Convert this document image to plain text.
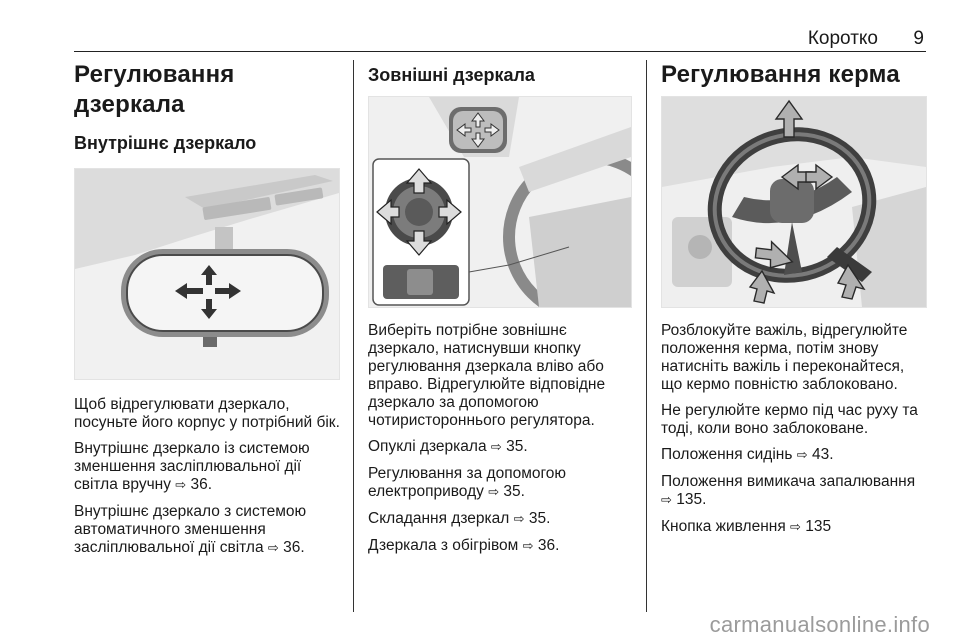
Коротко 9
Регулювання дзеркала
Внутрішнє дзеркало

Щоб відрегулювати дзеркало, посуньте його корпус у потрібний бік.

Внутрішнє дзеркало із системою зменшення засліплювальної дії світла вручну ⇨ 36.

Внутрішнє дзеркало з системою автоматичного зменшення засліплювальної дії світла ⇨ 36.

Зовнішні дзеркала

Виберіть потрібне зовнішнє дзеркало, натиснувши кнопку регулювання дзеркала вліво або вправо. Відрегулюйте відповідне дзеркало за допомогою чотиристороннього регулятора.

Опуклі дзеркала ⇨ 35.

Регулювання за допомогою електроприводу ⇨ 35.

Складання дзеркал ⇨ 35.

Дзеркала з обігрівом ⇨ 36.

Регулювання керма

Розблокуйте важіль, відрегулюйте положення керма, потім знову натисніть важіль і переконайтеся, що кермо повністю заблоковано.

Не регулюйте кермо під час руху та тоді, коли воно заблоковане.

Положення сидінь ⇨ 43.

Положення вимикача запалювання ⇨ 135.

Кнопка живлення ⇨ 135

carmanualsonline.info
